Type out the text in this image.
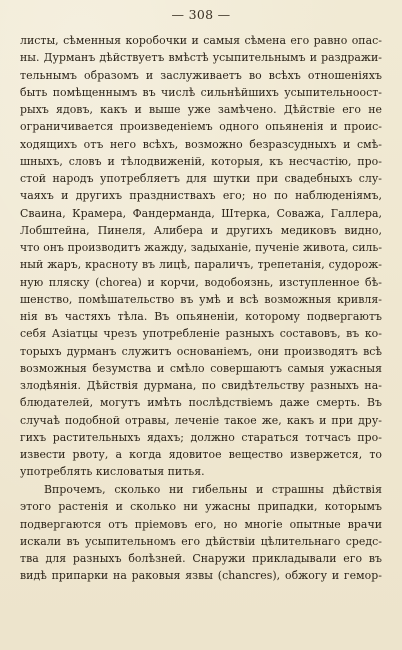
— 308 —
листы, сѣменныя коробочки и самыя сѣмена его равно опас-
ны. Дурманъ дѣйствуетъ вмѣстѣ усыпительнымъ и раздражи-
тельнымъ образомъ и заслуживаетъ во всѣхъ отношеніяхъ
быть помѣщеннымъ въ числѣ сильнѣйшихъ усыпительноост-
рыхъ ядовъ, какъ и выше уже замѣчено. Дѣйствіе его не
ограничивается произведеніемъ одного опьяненія и проис-
ходящихъ отъ него всѣхъ, возможно безразсудныхъ и смѣ-
шныхъ, словъ и тѣлодвиженій, которыя, къ несчастію, про-
стой народъ употребляетъ для шутки при свадебныхъ слу-
чаяхъ и другихъ праздниствахъ его; но по наблюденіямъ,
Сваина, Крамера, Фандерманда, Штерка, Соважа, Галлера,
Лобштейна, Пинеля, Алибера и другихъ медиковъ видно,
что онъ производитъ жажду, задыханіе, пученіе живота, силь-
ный жаръ, красноту въ лицѣ, параличъ, трепетанія, судорож-
ную пляску (chorea) и корчи, водобоязнь, изступленное бѣ-
шенство, помѣшательство въ умѣ и всѣ возможныя кривля-
нія въ частяхъ тѣла. Въ опьяненіи, которому подвергаютъ
себя Азіатцы чрезъ употребленіе разныхъ составовъ, въ ко-
торыхъ дурманъ служитъ основаніемъ, они производятъ всѣ
возможныя безумства и смѣло совершаютъ самыя ужасныя
злодѣянія. Дѣйствія дурмана, по свидѣтельству разныхъ на-
блюдателей, могутъ имѣть послѣдствіемъ даже смерть. Въ
случаѣ подобной отравы, леченіе такое же, какъ и при дру-
гихъ растительныхъ ядахъ; должно стараться тотчасъ про-
извести рвоту, а когда ядовитое вещество извержется, то
употреблять кисловатыя питья.
Впрочемъ, сколько ни гибельны и страшны дѣйствія
этого растенія и сколько ни ужасны припадки, которымъ
подвергаются отъ пріемовъ его, но многіе опытные врачи
искали въ усыпительномъ его дѣйствіи цѣлительнаго средс-
тва для разныхъ болѣзней. Снаружи прикладывали его въ
видѣ припарки на раковыя язвы (chancres), обжогу и гемор-
